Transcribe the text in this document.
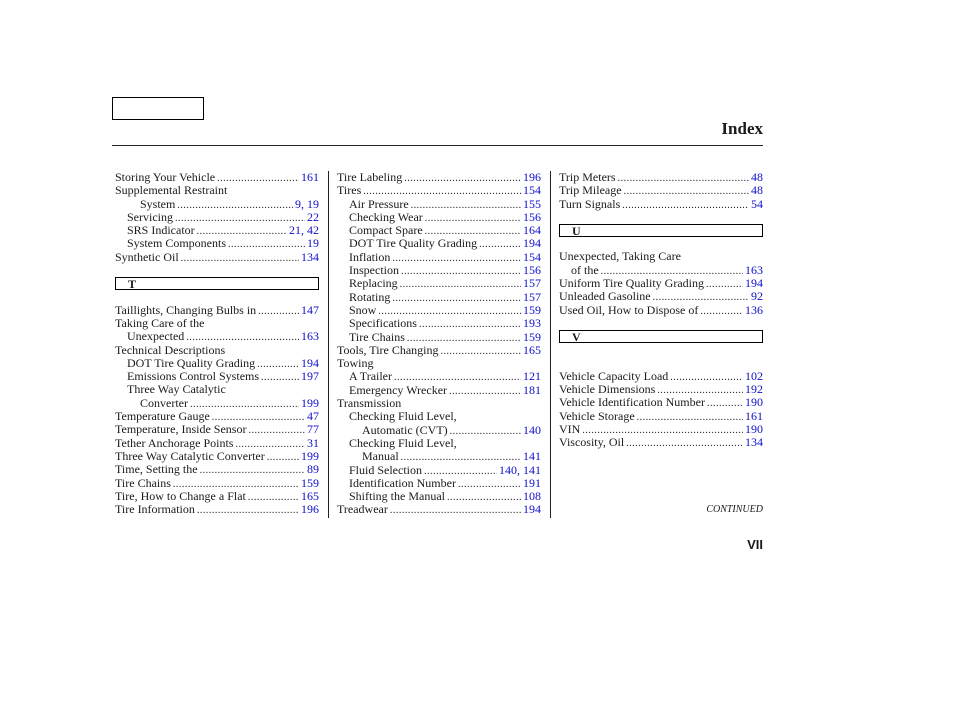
Index
Storing Your Vehicle .....	161
Supplemental Restraint
System .....	9, 19
Servicing .....	22
SRS Indicator .....	21, 42
System Components .....	19
Synthetic Oil .....	134
T
Taillights, Changing Bulbs in .....	147
Taking Care of the
Unexpected .....	163
Technical Descriptions
DOT Tire Quality Grading .....	194
Emissions Control Systems .....	197
Three Way Catalytic
Converter .....	199
Temperature Gauge .....	47
Temperature, Inside Sensor .....	77
Tether Anchorage Points .....	31
Three Way Catalytic Converter .....	199
Time, Setting the .....	89
Tire Chains .....	159
Tire, How to Change a Flat .....	165
Tire Information .....	196
Tire Labeling .....	196
Tires .....	154
Air Pressure .....	155
Checking Wear .....	156
Compact Spare .....	164
DOT Tire Quality Grading .....	194
Inflation .....	154
Inspection .....	156
Replacing .....	157
Rotating .....	157
Snow .....	159
Specifications .....	193
Tire Chains .....	159
Tools, Tire Changing .....	165
Towing
A Trailer .....	121
Emergency Wrecker .....	181
Transmission
Checking Fluid Level,
Automatic (CVT) .....	140
Checking Fluid Level,
Manual .....	141
Fluid Selection .....	140, 141
Identification Number .....	191
Shifting the Manual .....	108
Treadwear .....	194
Trip Meters .....	48
Trip Mileage .....	48
Turn Signals .....	54
U
Unexpected, Taking Care
of the .....	163
Uniform Tire Quality Grading .....	194
Unleaded Gasoline .....	92
Used Oil, How to Dispose of .....	136
V
Vehicle Capacity Load .....	102
Vehicle Dimensions .....	192
Vehicle Identification Number .....	190
Vehicle Storage .....	161
VIN .....	190
Viscosity, Oil .....	134
CONTINUED
VII
